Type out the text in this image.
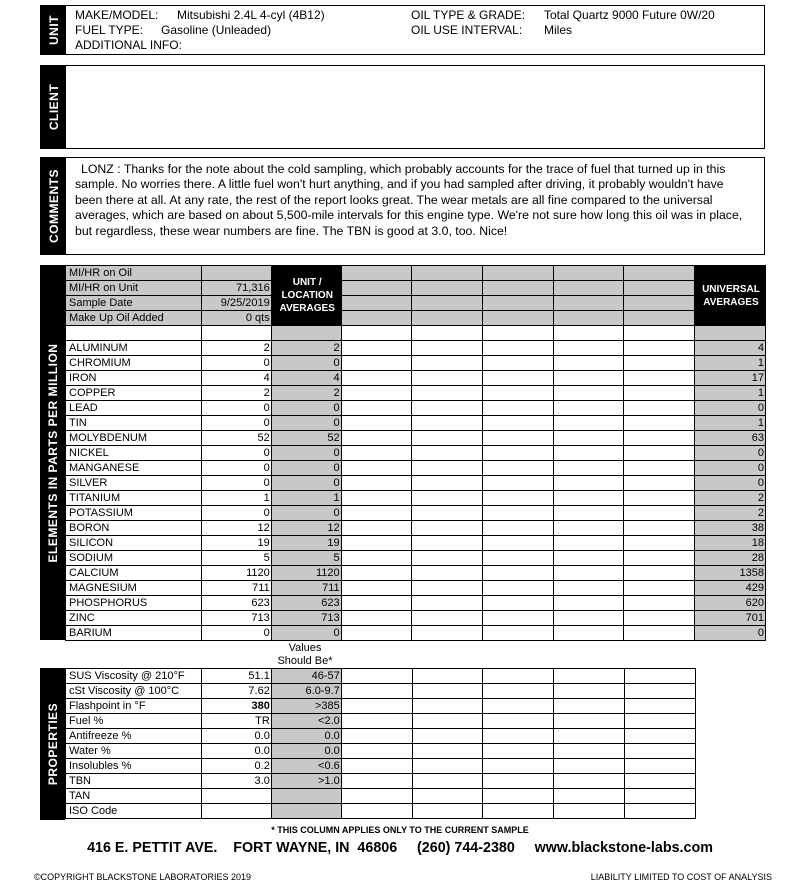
UNIT MAKE/MODEL: Mitsubishi 2.4L 4-cyl (4B12)	OIL TYPE & GRADE: Total Quartz 9000 Future 0W/20
FUEL TYPE: Gasoline (Unleaded)	OIL USE INTERVAL: Miles
ADDITIONAL INFO:
CLIENT
COMMENTS	LONZ : Thanks for the note about the cold sampling, which probably accounts for the trace of fuel that turned up in this sample. No worries there. A little fuel won't hurt anything, and if you had sampled after driving, it probably wouldn't have been there at all. At any rate, the rest of the report looks great. The wear metals are all fine compared to the universal averages, which are based on about 5,500-mile intervals for this engine type. We're not sure how long this oil was in place, but regardless, these wear numbers are fine. The TBN is good at 3.0, too. Nice!
ELEMENTS IN PARTS PER MILLION
MI/HR on Oil		UNIT / LOCATION AVERAGES						UNIVERSAL AVERAGES
MI/HR on Unit	71,316							
Sample Date	9/25/2019							
Make Up Oil Added	0 qts							

ALUMINUM	2	2						4
CHROMIUM	0	0						1
IRON	4	4						17
COPPER	2	2						1
LEAD	0	0						0
TIN	0	0						1
MOLYBDENUM	52	52						63
NICKEL	0	0						0
MANGANESE	0	0						0
SILVER	0	0						0
TITANIUM	1	1						2
POTASSIUM	0	0						2
BORON	12	12						38
SILICON	19	19						18
SODIUM	5	5						28
CALCIUM	1120	1120						1358
MAGNESIUM	711	711						429
PHOSPHORUS	623	623						620
ZINC	713	713						701
BARIUM	0	0						0
Values
Should Be*
PROPERTIES
SUS Viscosity @ 210°F	51.1	46-57					
cSt Viscosity @ 100°C	7.62	6.0-9.7					
Flashpoint in °F	380	>385					
Fuel %	TR	<2.0					
Antifreeze %	0.0	0.0					
Water %	0.0	0.0					
Insolubles %	0.2	<0.6					
TBN	3.0	>1.0					
TAN							
ISO Code							
* THIS COLUMN APPLIES ONLY TO THE CURRENT SAMPLE
416 E. PETTIT AVE.    FORT WAYNE, IN  46806     (260) 744-2380     www.blackstone-labs.com
©COPYRIGHT BLACKSTONE LABORATORIES 2019	LIABILITY LIMITED TO COST OF ANALYSIS
